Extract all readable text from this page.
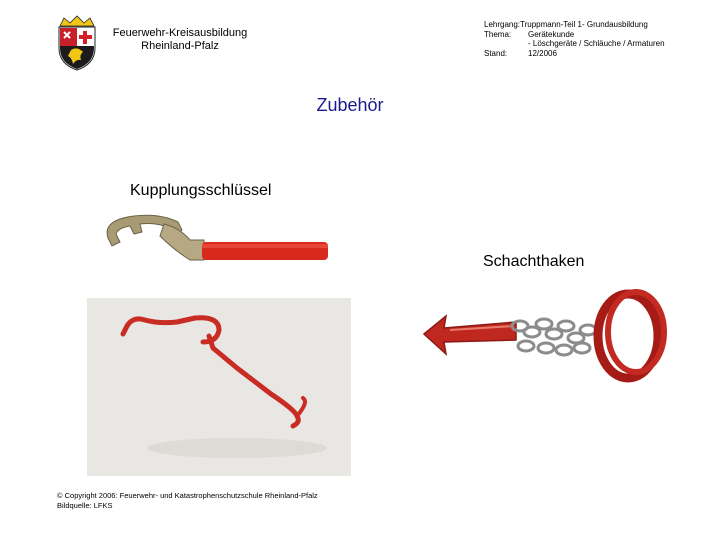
Feuerwehr-Kreisausbildung
Rheinland-Pfalz
Lehrgang: Truppmann-Teil 1- Grundausbildung
Thema:	Gerätekunde
- Löschgeräte / Schläuche / Armaturen
Stand:	12/2006
Zubehör
Kupplungsschlüssel
Schachthaken
© Copyright 2006: Feuerwehr- und Katastrophenschutzschule Rheinland-Pfalz
Bildquelle: LFKS
